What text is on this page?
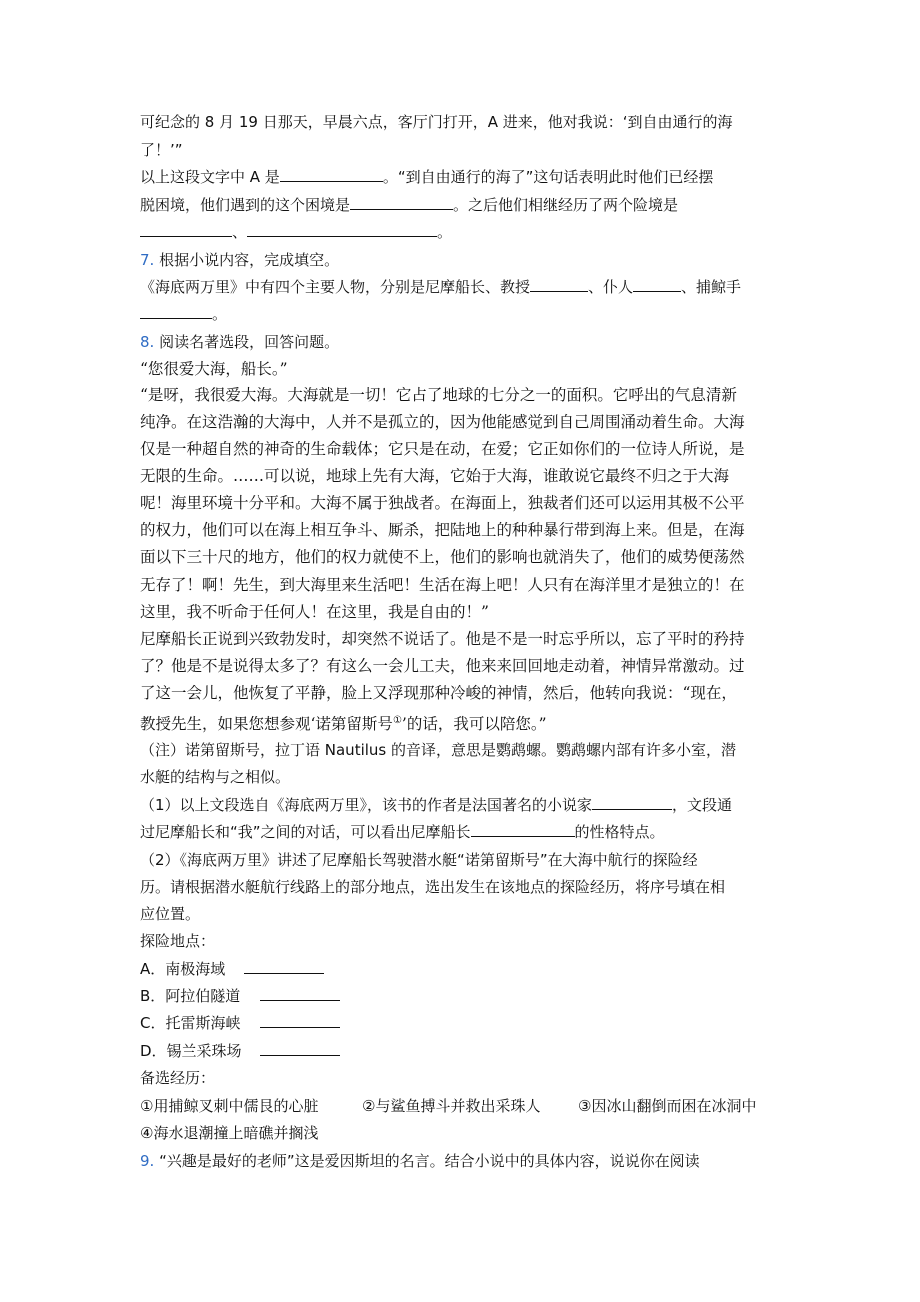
可纪念的 8 月 19 日那天，早晨六点，客厅门打开，A 进来，他对我说：‘到自由通行的海
了！’”
以上这段文字中 A 是	。“到自由通行的海了”这句话表明此时他们已经摆
脱困境，他们遇到的这个困境是	。之后他们相继经历了两个险境是
、	。
7. 根据小说内容，完成填空。
《海底两万里》中有四个主要人物，分别是尼摩船长、教授	、仆人	、捕鲸手
。
8. 阅读名著选段，回答问题。
“您很爱大海，船长。”
“是呀，我很爱大海。大海就是一切！它占了地球的七分之一的面积。它呼出的气息清新
纯净。在这浩瀚的大海中，人并不是孤立的，因为他能感觉到自己周围涌动着生命。大海
仅是一种超自然的神奇的生命载体；它只是在动，在爱；它正如你们的一位诗人所说，是
无限的生命。……可以说，地球上先有大海，它始于大海，谁敢说它最终不归之于大海
呢！海里环境十分平和。大海不属于独战者。在海面上，独裁者们还可以运用其极不公平
的权力，他们可以在海上相互争斗、厮杀，把陆地上的种种暴行带到海上来。但是，在海
面以下三十尺的地方，他们的权力就使不上，他们的影响也就消失了，他们的威势便荡然
无存了！啊！先生，到大海里来生活吧！生活在海上吧！人只有在海洋里才是独立的！在
这里，我不听命于任何人！在这里，我是自由的！”
尼摩船长正说到兴致勃发时，却突然不说话了。他是不是一时忘乎所以，忘了平时的矜持
了？他是不是说得太多了？有这么一会儿工夫，他来来回回地走动着，神情异常激动。过
了这一会儿，他恢复了平静，脸上又浮现那种冷峻的神情，然后，他转向我说：“现在，
教授先生，如果您想参观‘诺第留斯号①’的话，我可以陪您。”
（注）诺第留斯号，拉丁语 Nautilus 的音译，意思是鹦鹉螺。鹦鹉螺内部有许多小室，潜
水艇的结构与之相似。
（1）以上文段选自《海底两万里》，该书的作者是法国著名的小说家	，文段通
过尼摩船长和“我”之间的对话，可以看出尼摩船长	的性格特点。
（2）《海底两万里》讲述了尼摩船长驾驶潜水艇“诺第留斯号”在大海中航行的探险经
历。请根据潜水艇航行线路上的部分地点，选出发生在该地点的探险经历，将序号填在相
应位置。
探险地点：
A．南极海域
B．阿拉伯隧道
C．托雷斯海峡
D．锡兰采珠场
备选经历：
①用捕鲸叉刺中儒艮的心脏	②与鲨鱼搏斗并救出采珠人	③因冰山翻倒而困在冰洞中
④海水退潮撞上暗礁并搁浅
9. “兴趣是最好的老师”这是爱因斯坦的名言。结合小说中的具体内容，说说你在阅读
